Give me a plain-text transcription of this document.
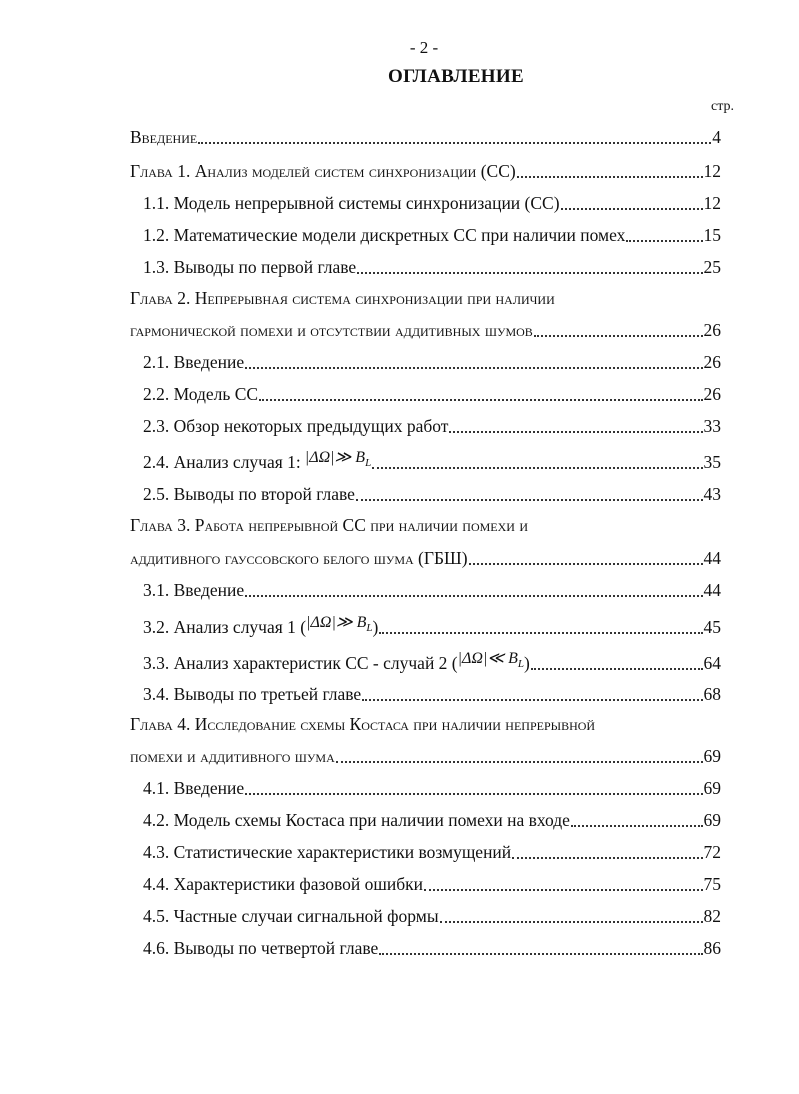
- 2 -
ОГЛАВЛЕНИЕ
стр.
Введение	4
Глава 1. Анализ моделей систем синхронизации (СС)	12
1.1. Модель непрерывной системы синхронизации (СС)	12
1.2. Математические модели дискретных СС при наличии помех	15
1.3. Выводы по первой главе	25
Глава 2. Непрерывная система синхронизации при наличии
гармонической помехи и отсутствии аддитивных шумов	26
2.1. Введение	26
2.2. Модель СС	26
2.3. Обзор некоторых предыдущих работ	33
2.4. Анализ случая 1: |ΔΩ|≫ $B_L$	35
2.5. Выводы по второй главе	43
Глава 3. Работа непрерывной СС при наличии помехи и
аддитивного гауссовского белого шума (ГБШ)	44
3.1. Введение	44
3.2. Анализ случая 1 ( |ΔΩ|≫ $B_L$ )	45
3.3. Анализ характеристик СС - случай 2 ( |ΔΩ|≪ $B_L$ )	64
3.4. Выводы по третьей главе	68
Глава 4. Исследование схемы Костаса при наличии непрерывной
помехи и аддитивного шума	69
4.1. Введение	69
4.2. Модель схемы Костаса при наличии помехи на входе	69
4.3. Статистические характеристики возмущений	72
4.4. Характеристики фазовой ошибки	75
4.5. Частные случаи сигнальной формы	82
4.6. Выводы по четвертой главе	86
